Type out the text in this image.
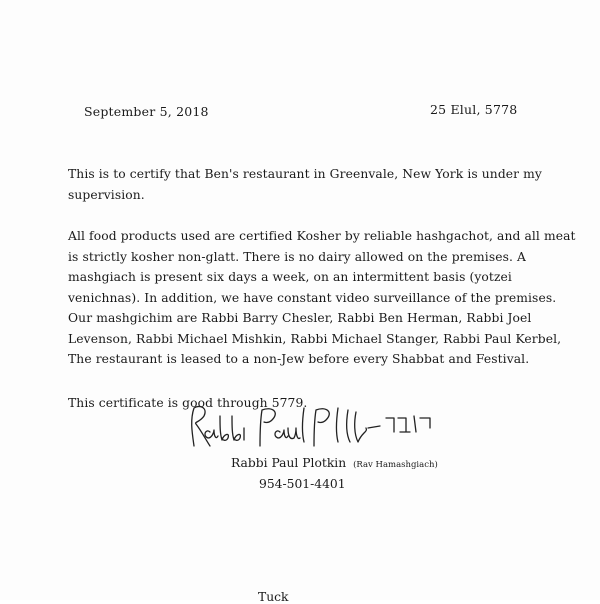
September 5, 2018	25 Elul, 5778
This is to certify that Ben's restaurant in Greenvale, New York is under my
supervision.
All food products used are certified Kosher by reliable hashgachot, and all meat
is strictly kosher non-glatt. There is no dairy allowed on the premises. A
mashgiach is present six days a week, on an intermittent basis (yotzei
venichnas). In addition, we have constant video surveillance of the premises.
Our mashgichim are Rabbi Barry Chesler, Rabbi Ben Herman, Rabbi Joel
Levenson, Rabbi Michael Mishkin, Rabbi Michael Stanger, Rabbi Paul Kerbel,
The restaurant is leased to a non-Jew before every Shabbat and Festival.
This certificate is good through 5779.
Rabbi Paul Plotkin (Rav Hamashgiach)
954-501-4401
Tuck
